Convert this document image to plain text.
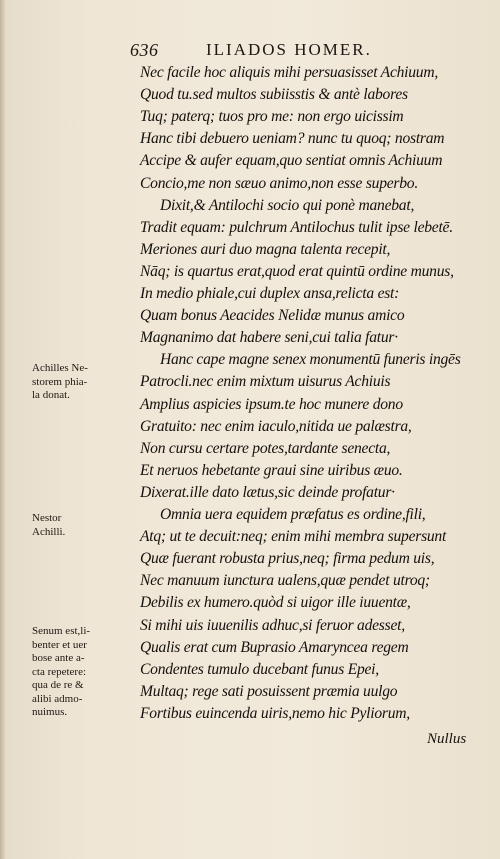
636	ILIADOS HOMER.
Nec facile hoc aliquis mihi persuasisset Achiuum,
Quod tu.sed multos subiisstis & antè labores
Tuq; paterq; tuos pro me: non ergo uicissim
Hanc tibi debuero ueniam? nunc tu quoq; nostram
Accipe & aufer equam,quo sentiat omnis Achiuum
Concio,me non sæuo animo,non esse superbo.
Dixit,& Antilochi socio qui ponè manebat,
Tradit equam: pulchrum Antilochus tulit ipse lebetē.
Meriones auri duo magna talenta recepit,
Nāq; is quartus erat,quod erat quintū ordine munus,
In medio phiale,cui duplex ansa,relicta est:
Quam bonus Aeacides Nelidæ munus amico
Magnanimo dat habere seni,cui talia fatur·
Hanc cape magne senex monumentū funeris ingēs
Patrocli.nec enim mixtum uisurus Achiuis
Amplius aspicies ipsum.te hoc munere dono
Gratuito: nec enim iaculo,nitida ue palæstra,
Non cursu certare potes,tardante senecta,
Et neruos hebetante graui sine uiribus æuo.
Dixerat.ille dato lætus,sic deinde profatur·
Omnia uera equidem præfatus es ordine,fili,
Atq; ut te decuit:neq; enim mihi membra supersunt
Quæ fuerant robusta prius,neq; firma pedum uis,
Nec manuum iunctura ualens,quæ pendet utroq;
Debilis ex humero.quòd si uigor ille iuuentæ,
Si mihi uis iuuenilis adhuc,si feruor adesset,
Qualis erat cum Buprasio Amaryncea regem
Condentes tumulo ducebant funus Epei,
Multaq; rege sati posuissent præmia uulgo
Fortibus euincenda uiris,nemo hic Pyliorum,
Achilles Ne-
storem phia-
la donat.
Nestor
Achilli.
Senum est,li-
benter et uer
bose ante a-
cta repetere:
qua de re &
alibi admo-
nuimus.
Nullus
